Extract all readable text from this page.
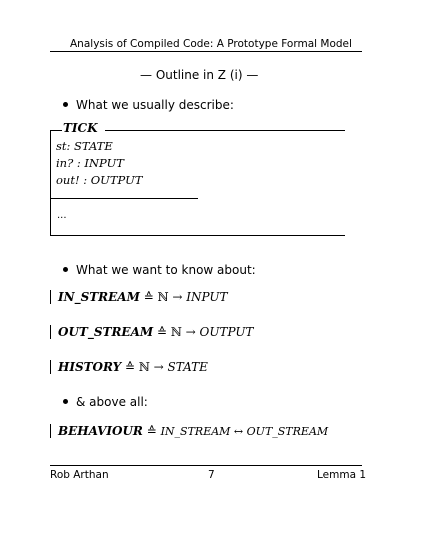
Analysis of Compiled Code: A Prototype Formal Model
— Outline in Z (i) —
What we usually describe:
TICK
st: STATE
in? : INPUT
out! : OUTPUT
...
What we want to know about:
IN_STREAM ≙ ℕ → INPUT
OUT_STREAM ≙ ℕ → OUTPUT
HISTORY ≙ ℕ → STATE
& above all:
BEHAVIOUR ≙ IN_STREAM ↔ OUT_STREAM
Rob Arthan	7	Lemma 1
